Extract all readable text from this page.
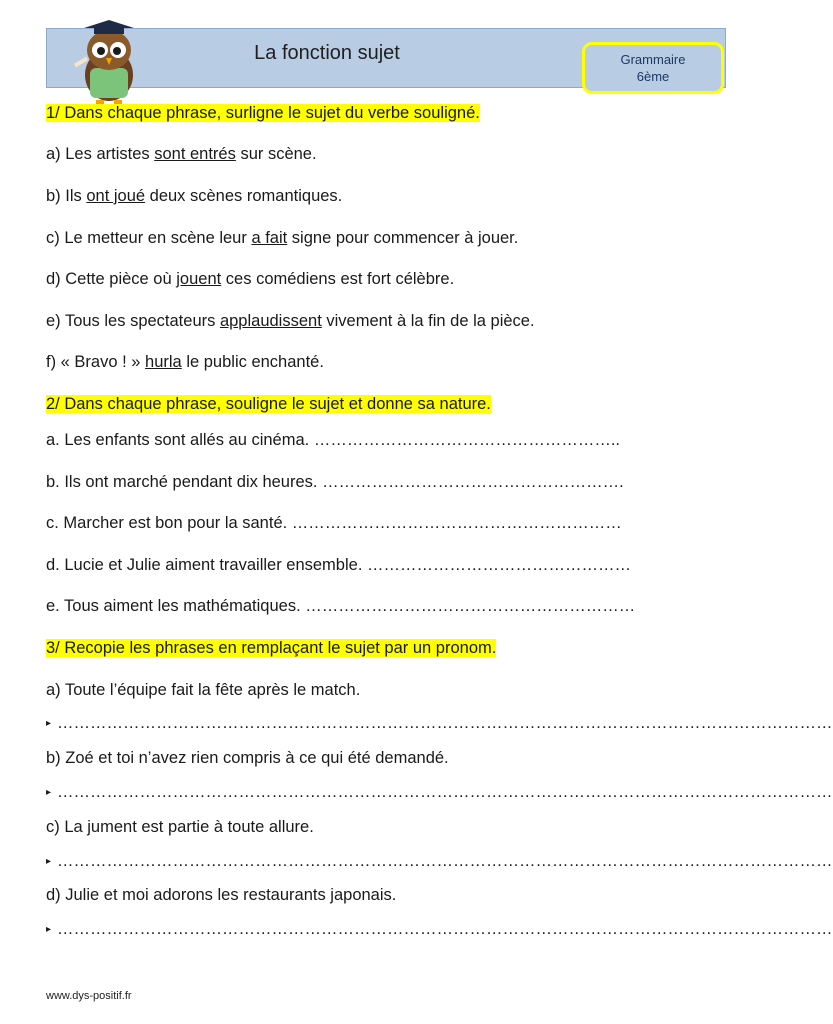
La fonction sujet	Grammaire
6ème
1/ Dans chaque phrase, surligne le sujet du verbe souligné.
a) Les artistes sont entrés sur scène.
b) Ils ont joué deux scènes romantiques.
c) Le metteur en scène leur a fait signe pour commencer à jouer.
d) Cette pièce où jouent ces comédiens est fort célèbre.
e) Tous les spectateurs applaudissent vivement à la fin de la pièce.
f) « Bravo ! » hurla le public enchanté.
2/ Dans chaque phrase, souligne le sujet et donne sa nature.
a. Les enfants sont allés au cinéma. ………………………………………………..
b. Ils ont marché pendant dix heures. ……………………………………………….
c. Marcher est bon pour la santé. ……………………………………………………
d. Lucie et Julie aiment travailler ensemble. …………………………………………
e. Tous aiment les mathématiques. ……………………………………………………
3/ Recopie les phrases en remplaçant le sujet par un pronom.
a) Toute l’équipe fait la fête après le match.
▸ ……………………………………………………………………………………………………………………………
b) Zoé et toi n’avez rien compris à ce qui été demandé.
▸ ……………………………………………………………………………………………………………………………
c) La jument est partie à toute allure.
▸ ……………………………………………………………………………………………………………………………
d) Julie et moi adorons les restaurants japonais.
▸ ……………………………………………………………………………………………………………………………
www.dys-positif.fr
